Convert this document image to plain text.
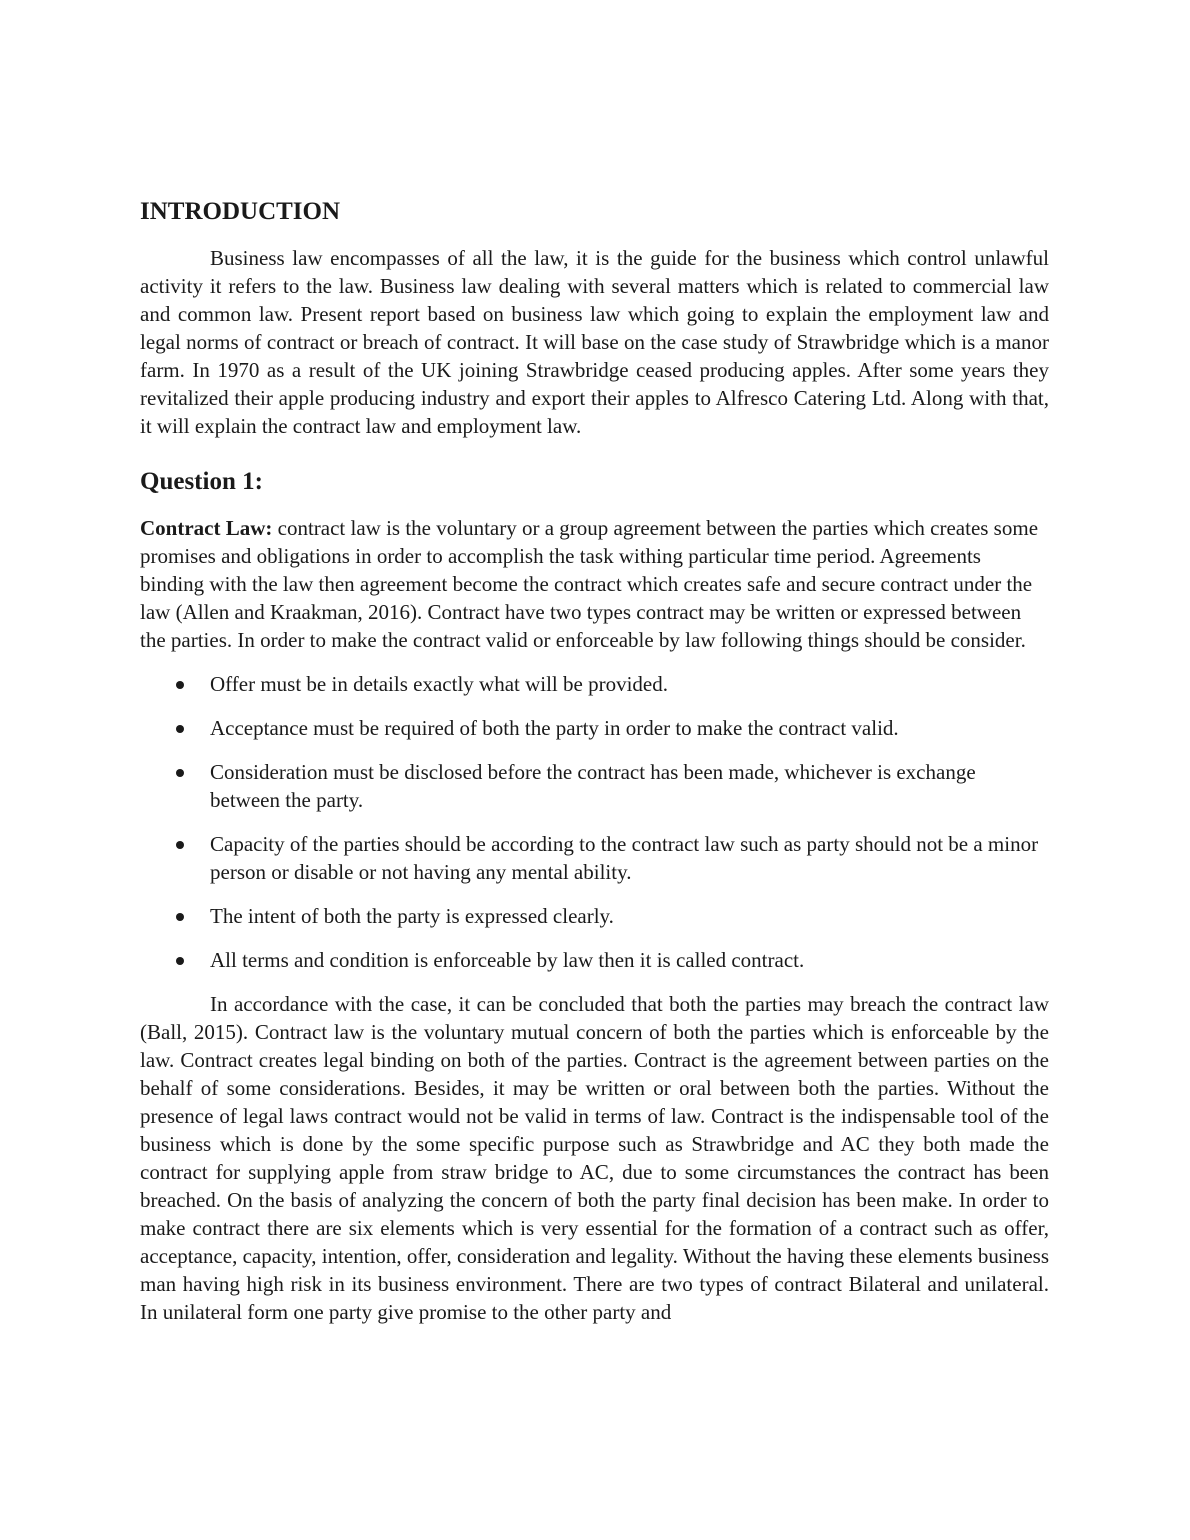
INTRODUCTION

Business law encompasses of all the law, it is the guide for the business which control unlawful activity it refers to the law. Business law dealing with several matters which is related to commercial law and common law. Present report based on business law which going to explain the employment law and legal norms of contract or breach of contract. It will base on the case study of Strawbridge which is a manor farm. In 1970 as a result of the UK joining Strawbridge ceased producing apples. After some years they revitalized their apple producing industry and export their apples to Alfresco Catering Ltd. Along with that, it will explain the contract law and employment law.

Question 1:

Contract Law: contract law is the voluntary or a group agreement between the parties which creates some promises and obligations in order to accomplish the task withing particular time period. Agreements binding with the law then agreement become the contract which creates safe and secure contract under the law (Allen and Kraakman, 2016). Contract have two types contract may be written or expressed between the parties. In order to make the contract valid or enforceable by law following things should be consider.

Offer must be in details exactly what will be provided.
Acceptance must be required of both the party in order to make the contract valid.
Consideration must be disclosed before the contract has been made, whichever is exchange between the party.
Capacity of the parties should be according to the contract law such as party should not be a minor person or disable or not having any mental ability.
The intent of both the party is expressed clearly.
All terms and condition is enforceable by law then it is called contract.

In accordance with the case, it can be concluded that both the parties may breach the contract law (Ball, 2015). Contract law is the voluntary mutual concern of both the parties which is enforceable by the law. Contract creates legal binding on both of the parties. Contract is the agreement between parties on the behalf of some considerations. Besides, it may be written or oral between both the parties. Without the presence of legal laws contract would not be valid in terms of law. Contract is the indispensable tool of the business which is done by the some specific purpose such as Strawbridge and AC they both made the contract for supplying apple from straw bridge to AC, due to some circumstances the contract has been breached. On the basis of analyzing the concern of both the party final decision has been make. In order to make contract there are six elements which is very essential for the formation of a contract such as offer, acceptance, capacity, intention, offer, consideration and legality. Without the having these elements business man having high risk in its business environment. There are two types of contract Bilateral and unilateral. In unilateral form one party give promise to the other party and
